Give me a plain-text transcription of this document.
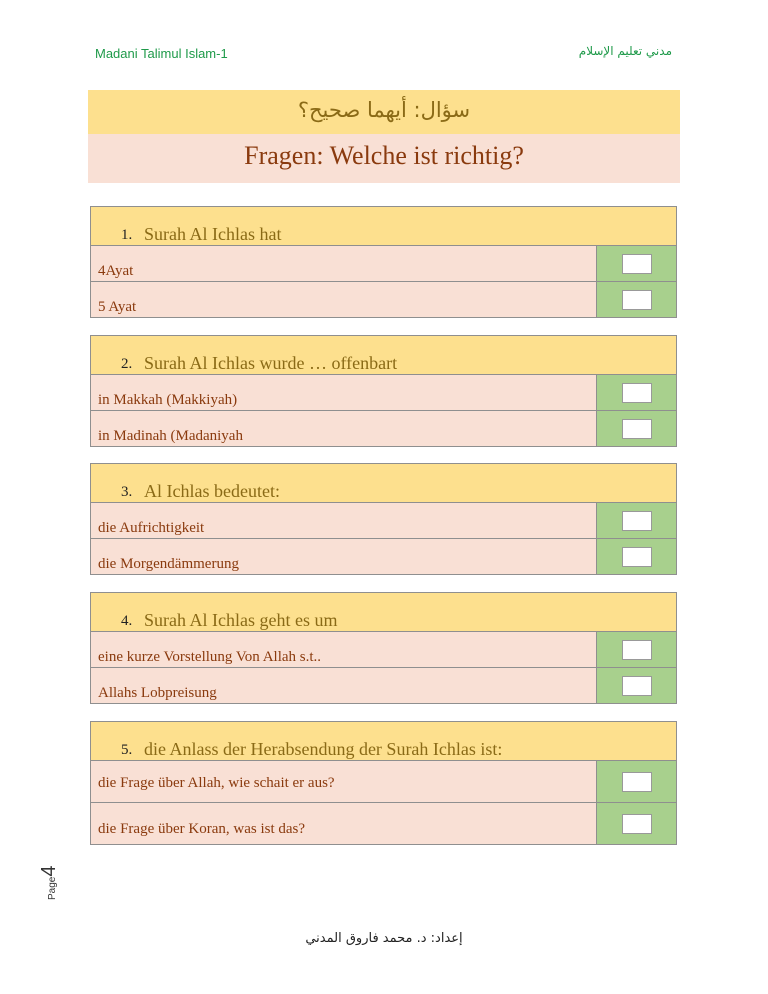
Madani Talimul Islam-1	مدني تعليم الإسلام
سؤال: أيهما صحيح؟
Fragen: Welche ist richtig?
1. Surah Al Ichlas hat
4Ayat
5 Ayat
2. Surah Al Ichlas wurde … offenbart
in Makkah (Makkiyah)
in Madinah (Madaniyah
3. Al Ichlas bedeutet:
die Aufrichtigkeit
die Morgendämmerung
4. Surah Al Ichlas geht es um
eine kurze Vorstellung Von Allah s.t..
Allahs Lobpreisung
5. die Anlass der Herabsendung der Surah Ichlas ist:
die Frage über Allah, wie schait er aus?
die Frage über Koran, was ist das?
Page4
إعداد: د. محمد فاروق المدني
